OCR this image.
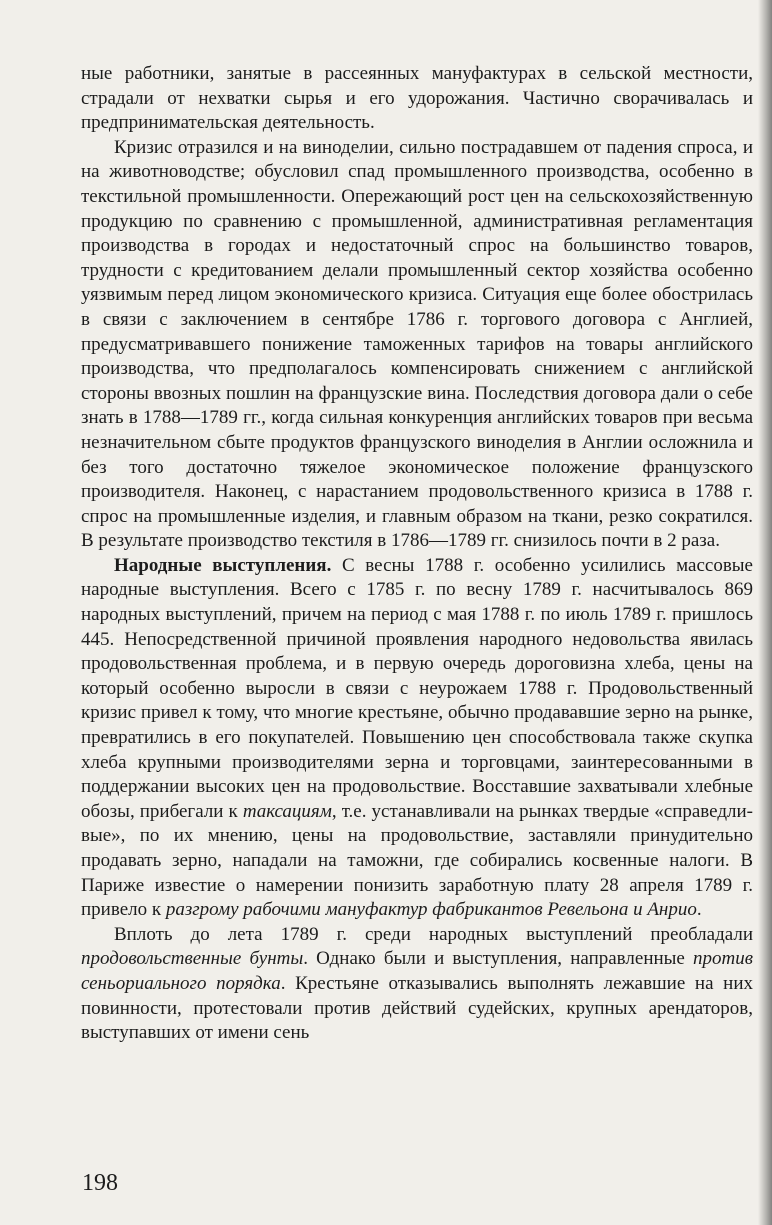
ные работники, занятые в рассеянных мануфактурах в сельской местности, страдали от нехватки сырья и его удорожания. Частично сворачивалась и предпринимательская деятельность.

Кризис отразился и на виноделии, сильно пострадавшем от падения спроса, и на животноводстве; обусловил спад промышленного производства, особенно в текстильной промышленности. Опережающий рост цен на сельскохозяйственную продукцию по сравнению с промышленной, административная регламентация производства в городах и недостаточный спрос на большинство товаров, трудности с кредитованием делали промышленный сектор хозяйства особенно уязвимым перед лицом экономического кризиса. Ситуация еще более обострилась в связи с заключением в сентябре 1786 г. торгового договора с Англией, предусматривавшего понижение таможенных тарифов на товары английского производства, что предполагалось компенсировать снижением с английской стороны ввозных пошлин на французские вина. Последствия договора дали о себе знать в 1788—1789 гг., когда сильная конкуренция английских товаров при весьма незначительном сбыте продуктов французского виноделия в Англии осложнила и без того достаточно тяжелое экономическое положение французского производителя. Наконец, с нарастанием продовольственного кризиса в 1788 г. спрос на промышленные изделия, и главным образом на ткани, резко сократился. В результате производство текстиля в 1786—1789 гг. снизилось почти в 2 раза.

Народные выступления. С весны 1788 г. особенно усилились массовые народные выступления. Всего с 1785 г. по весну 1789 г. насчитывалось 869 народных выступлений, причем на период с мая 1788 г. по июль 1789 г. пришлось 445. Непосредственной причиной проявления народного недовольства явилась продовольственная проблема, и в первую очередь дороговизна хлеба, цены на который особенно выросли в связи с неурожаем 1788 г. Продовольственный кризис привел к тому, что многие крестьяне, обычно продававшие зерно на рынке, превратились в его покупателей. Повышению цен способствовала также скупка хлеба крупными производителями зерна и торговцами, заинтересованными в поддержании высоких цен на продовольствие. Восставшие захватывали хлебные обозы, прибегали к таксациям, т.е. устанавливали на рынках твердые «справедливые», по их мнению, цены на продовольствие, заставляли принудительно продавать зерно, нападали на таможни, где собирались косвенные налоги. В Париже известие о намерении понизить заработную плату 28 апреля 1789 г. привело к разгрому рабочими мануфактур фабрикантов Ревельона и Анрио.

Вплоть до лета 1789 г. среди народных выступлений преобладали продовольственные бунты. Однако были и выступления, направленные против сеньориального порядка. Крестьяне отказывались выполнять лежавшие на них повинности, протестовали против действий судейских, крупных арендаторов, выступавших от имени сень

198
